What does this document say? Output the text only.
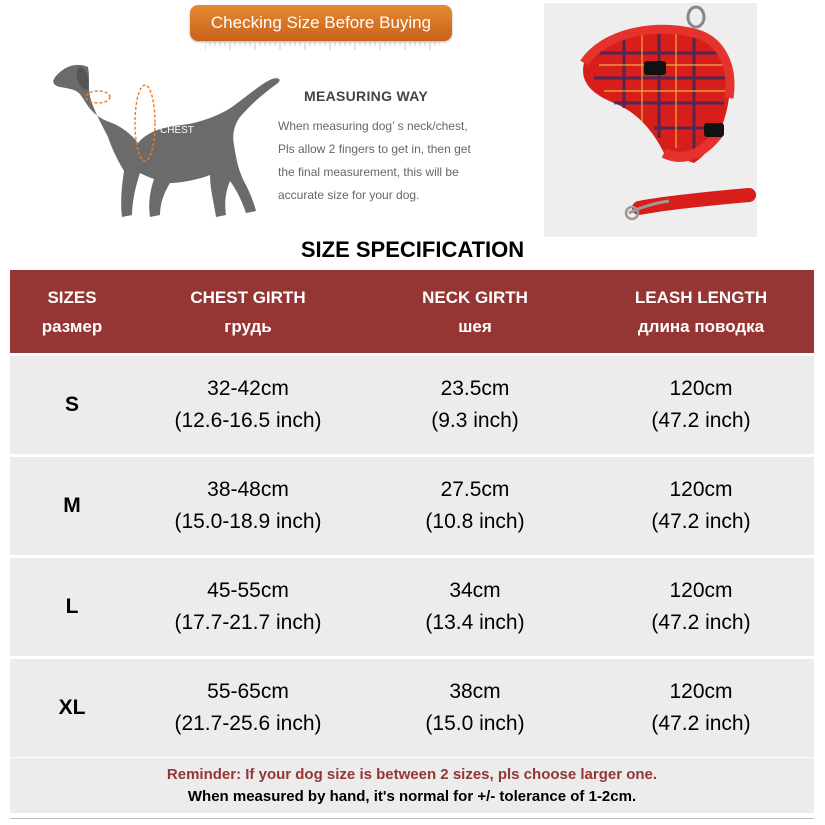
Checking Size Before Buying
NECK
CHEST
MEASURING WAY

When measuring dog’ s neck/chest,
Pls allow 2 fingers to get in, then get
the final measurement, this will be
accurate size for your dog.

SIZE SPECIFICATION
SIZES
размер
CHEST GIRTH
грудь
NECK GIRTH
шея
LEASH LENGTH
длина поводка
S
32-42cm
(12.6-16.5 inch)
23.5cm
(9.3 inch)
120cm
(47.2 inch)
M
38-48cm
(15.0-18.9 inch)
27.5cm
(10.8 inch)
120cm
(47.2 inch)
L
45-55cm
(17.7-21.7 inch)
34cm
(13.4 inch)
120cm
(47.2 inch)
XL
55-65cm
(21.7-25.6 inch)
38cm
(15.0 inch)
120cm
(47.2 inch)
Reminder: If your dog size is between 2 sizes, pls choose larger one.
When measured by hand, it's normal for +/- tolerance of 1-2cm.
